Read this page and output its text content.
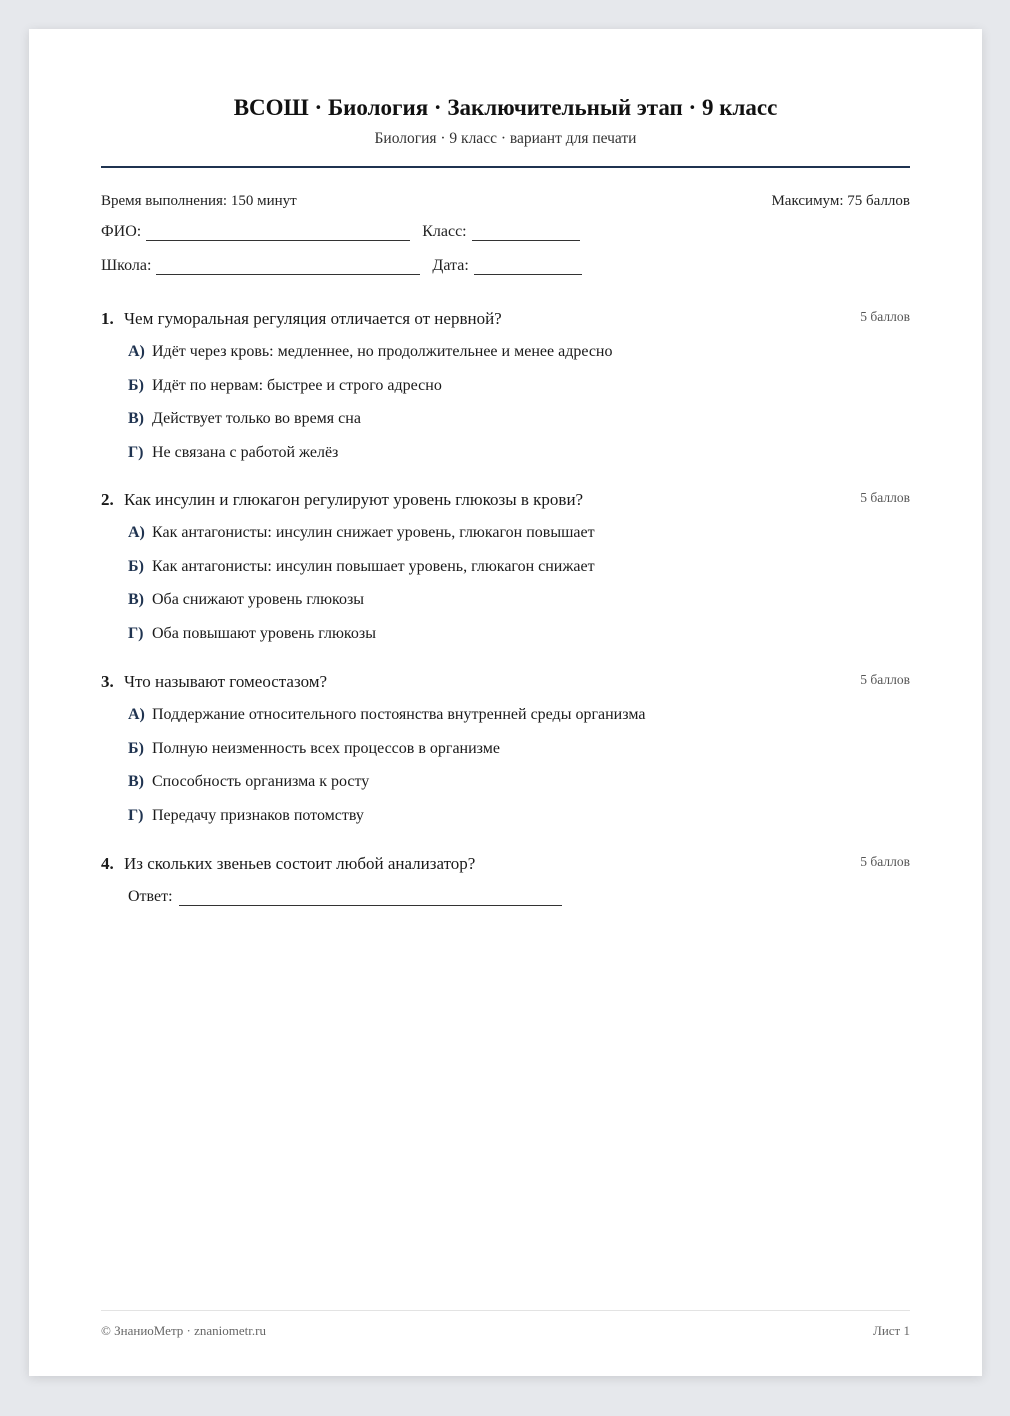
ВСОШ · Биология · Заключительный этап · 9 класс
Биология · 9 класс · вариант для печати
Время выполнения: 150 минут	Максимум: 75 баллов
ФИО:	Класс:
Школа:	Дата:
1. Чем гуморальная регуляция отличается от нервной?	5 баллов
А) Идёт через кровь: медленнее, но продолжительнее и менее адресно
Б) Идёт по нервам: быстрее и строго адресно
В) Действует только во время сна
Г) Не связана с работой желёз
2. Как инсулин и глюкагон регулируют уровень глюкозы в крови?	5 баллов
А) Как антагонисты: инсулин снижает уровень, глюкагон повышает
Б) Как антагонисты: инсулин повышает уровень, глюкагон снижает
В) Оба снижают уровень глюкозы
Г) Оба повышают уровень глюкозы
3. Что называют гомеостазом?	5 баллов
А) Поддержание относительного постоянства внутренней среды организма
Б) Полную неизменность всех процессов в организме
В) Способность организма к росту
Г) Передачу признаков потомству
4. Из скольких звеньев состоит любой анализатор?	5 баллов
Ответ:
© ЗнаниоМетр · znaniometr.ru	Лист 1
